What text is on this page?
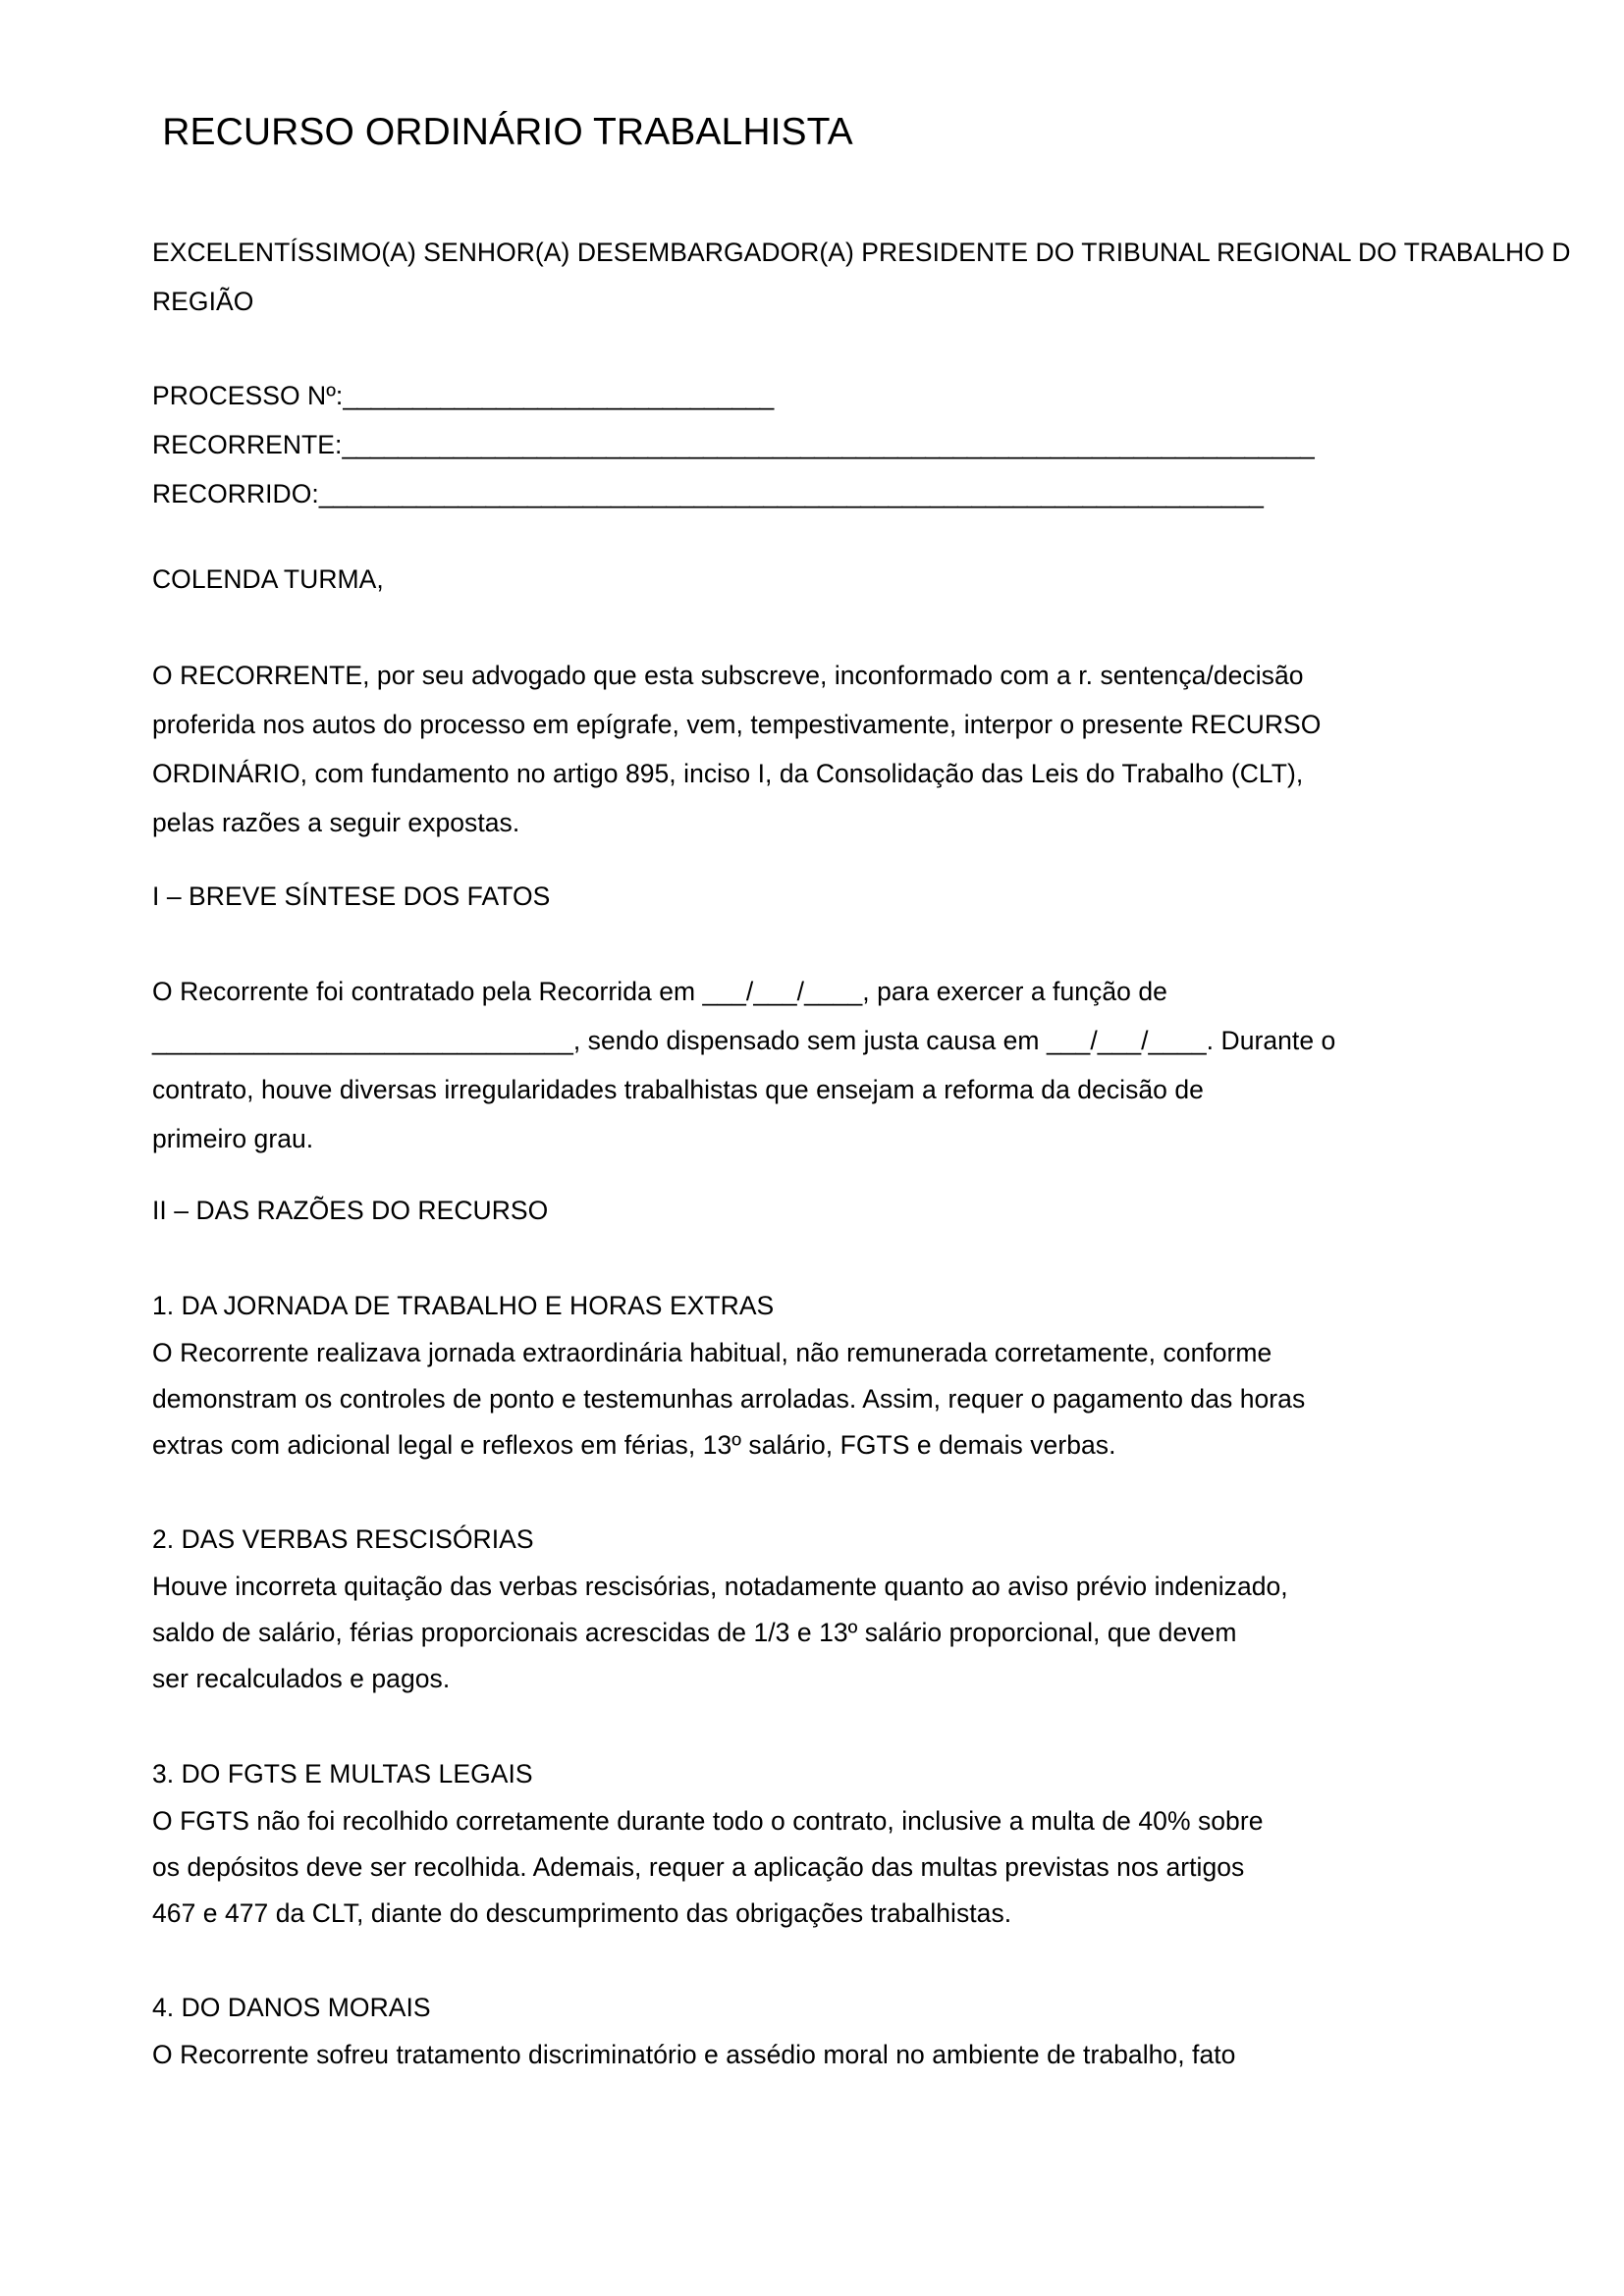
RECURSO ORDINÁRIO TRABALHISTA
EXCELENTÍSSIMO(A) SENHOR(A) DESEMBARGADOR(A) PRESIDENTE DO TRIBUNAL REGIONAL DO TRABALHO D
REGIÃO
PROCESSO Nº:_______________________________
RECORRENTE:______________________________________________________________________
RECORRIDO:____________________________________________________________________
COLENDA TURMA,
O RECORRENTE, por seu advogado que esta subscreve, inconformado com a r. sentença/decisão
proferida nos autos do processo em epígrafe, vem, tempestivamente, interpor o presente RECURSO
ORDINÁRIO, com fundamento no artigo 895, inciso I, da Consolidação das Leis do Trabalho (CLT),
pelas razões a seguir expostas.
I – BREVE SÍNTESE DOS FATOS
O Recorrente foi contratado pela Recorrida em ___/___/____, para exercer a função de
_____________________________, sendo dispensado sem justa causa em ___/___/____. Durante o
contrato, houve diversas irregularidades trabalhistas que ensejam a reforma da decisão de
primeiro grau.
II – DAS RAZÕES DO RECURSO
1. DA JORNADA DE TRABALHO E HORAS EXTRAS
O Recorrente realizava jornada extraordinária habitual, não remunerada corretamente, conforme
demonstram os controles de ponto e testemunhas arroladas. Assim, requer o pagamento das horas
extras com adicional legal e reflexos em férias, 13º salário, FGTS e demais verbas.
2. DAS VERBAS RESCISÓRIAS
Houve incorreta quitação das verbas rescisórias, notadamente quanto ao aviso prévio indenizado,
saldo de salário, férias proporcionais acrescidas de 1/3 e 13º salário proporcional, que devem
ser recalculados e pagos.
3. DO FGTS E MULTAS LEGAIS
O FGTS não foi recolhido corretamente durante todo o contrato, inclusive a multa de 40% sobre
os depósitos deve ser recolhida. Ademais, requer a aplicação das multas previstas nos artigos
467 e 477 da CLT, diante do descumprimento das obrigações trabalhistas.
4. DO DANOS MORAIS
O Recorrente sofreu tratamento discriminatório e assédio moral no ambiente de trabalho, fato
